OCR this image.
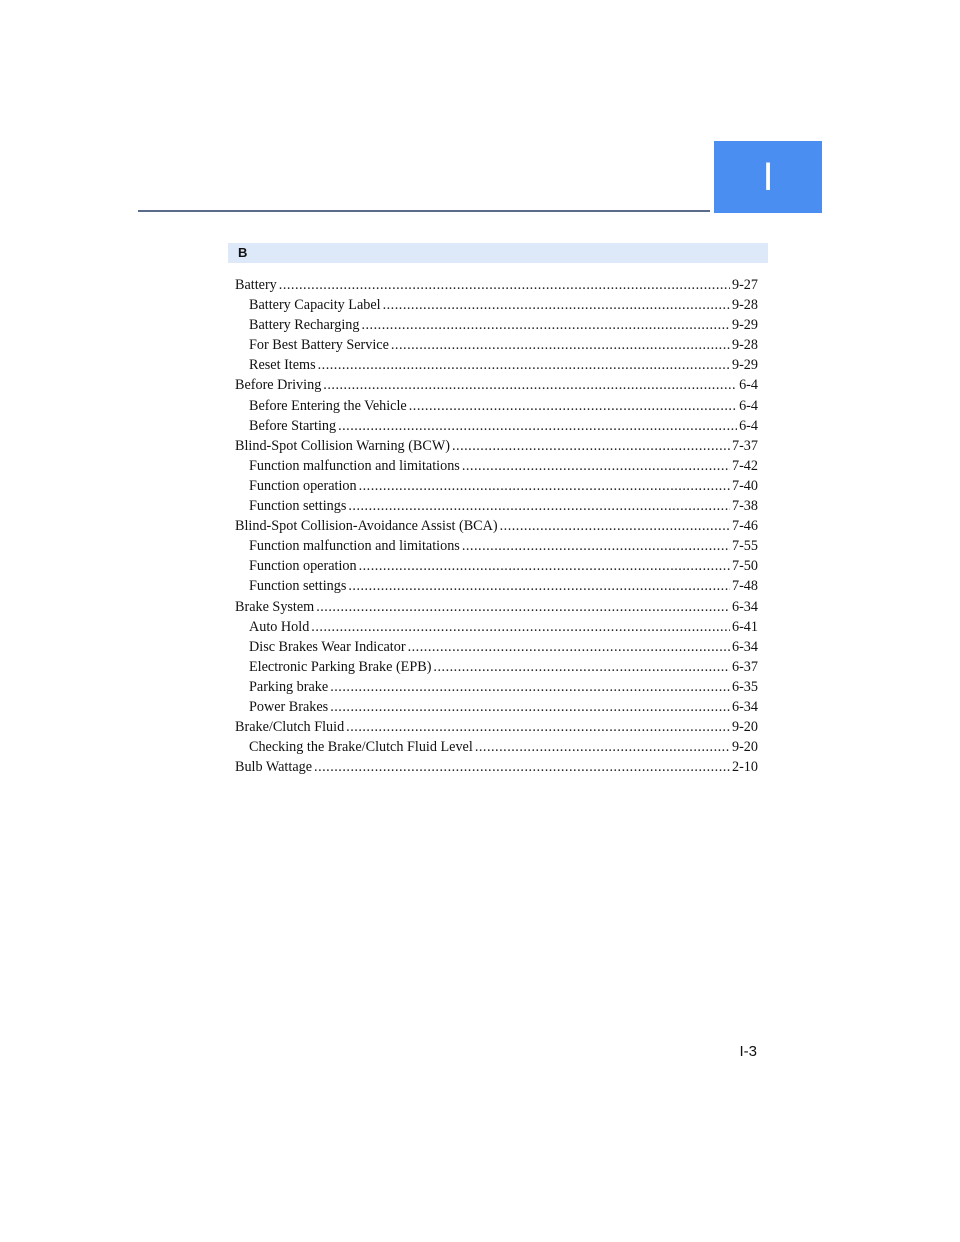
I
B
Battery .....	9-27
Battery Capacity Label .....	9-28
Battery Recharging .....	9-29
For Best Battery Service .....	9-28
Reset Items .....	9-29
Before Driving .....	6-4
Before Entering the Vehicle .....	6-4
Before Starting .....	6-4
Blind-Spot Collision Warning (BCW) .....	7-37
Function malfunction and limitations .....	7-42
Function operation .....	7-40
Function settings .....	7-38
Blind-Spot Collision-Avoidance Assist (BCA) .....	7-46
Function malfunction and limitations .....	7-55
Function operation .....	7-50
Function settings .....	7-48
Brake System .....	6-34
Auto Hold .....	6-41
Disc Brakes Wear Indicator .....	6-34
Electronic Parking Brake (EPB) .....	6-37
Parking brake .....	6-35
Power Brakes .....	6-34
Brake/Clutch Fluid .....	9-20
Checking the Brake/Clutch Fluid Level .....	9-20
Bulb Wattage .....	2-10
I-3
